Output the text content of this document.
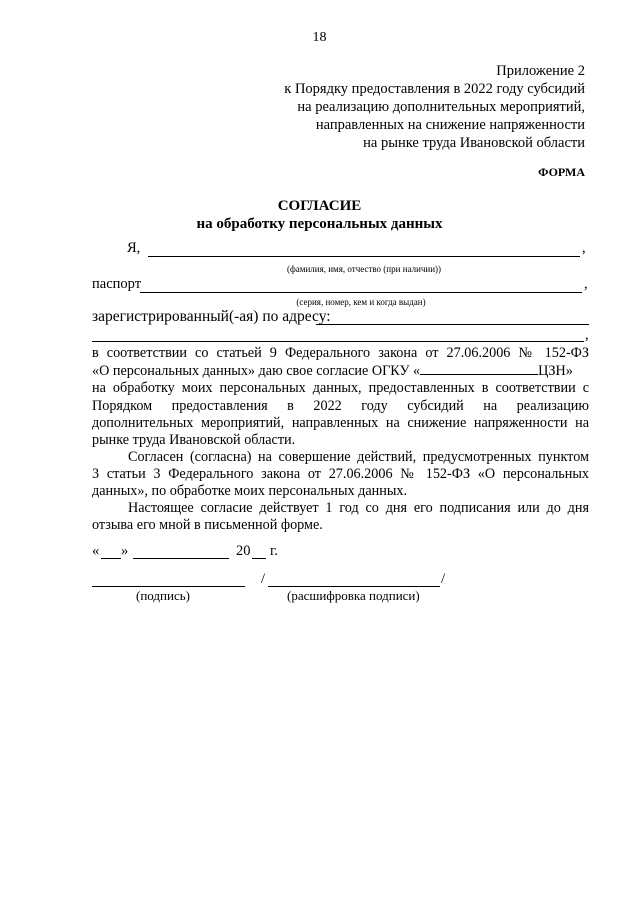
18
Приложение 2
к Порядку предоставления в 2022 году субсидий
на реализацию дополнительных мероприятий,
направленных на снижение напряженности
на рынке труда Ивановской области
ФОРМА
СОГЛАСИЕ
на обработку персональных данных
Я,	,
(фамилия, имя, отчество (при наличии))
паспорт	,
(серия, номер, кем и когда выдан)
зарегистрированный(-ая) по адресу:
,
в соответствии со статьей 9 Федерального закона от 27.06.2006 № 152-ФЗ
«О персональных данных» даю свое согласие ОГКУ «	ЦЗН»
на обработку моих персональных данных, предоставленных в соответствии с
Порядком предоставления в 2022 году субсидий на реализацию
дополнительных мероприятий, направленных на снижение напряженности на
рынке труда Ивановской области.
Согласен (согласна) на совершение действий, предусмотренных пунктом
3 статьи 3 Федерального закона от 27.06.2006 № 152-ФЗ «О персональных
данных», по обработке моих персональных данных.
Настоящее согласие действует 1 год со дня его подписания или до дня
отзыва его мной в письменной форме.
« »	20 г.
/	/
(подпись)	(расшифровка подписи)
